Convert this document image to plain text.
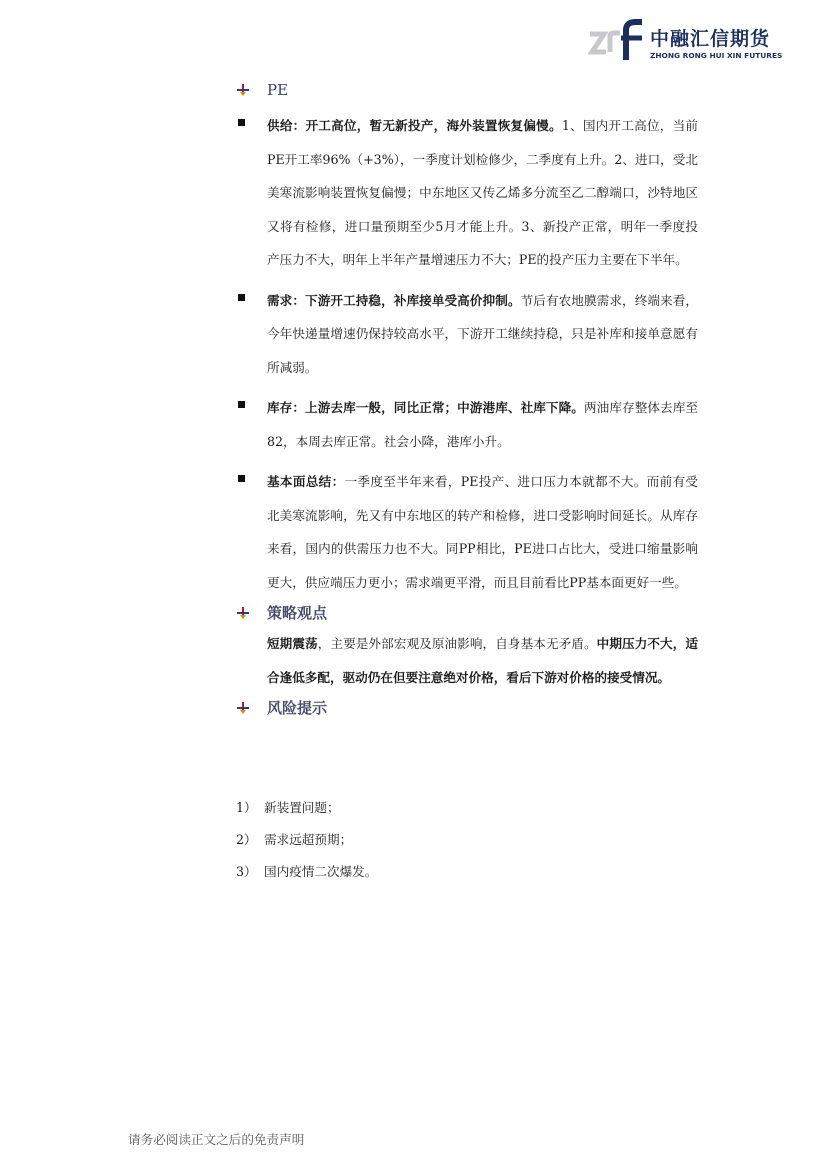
中融汇信期货
ZHONG RONG HUI XIN FUTURES
PE

供给：开工高位，暂无新投产，海外装置恢复偏慢。1、国内开工高位，当前PE开工率96%（+3%），一季度计划检修少，二季度有上升。2、进口，受北美寒流影响装置恢复偏慢；中东地区又传乙烯多分流至乙二醇端口，沙特地区又将有检修，进口量预期至少5月才能上升。3、新投产正常，明年一季度投产压力不大，明年上半年产量增速压力不大；PE的投产压力主要在下半年。

需求：下游开工持稳，补库接单受高价抑制。节后有农地膜需求，终端来看，今年快递量增速仍保持较高水平，下游开工继续持稳，只是补库和接单意愿有所减弱。

库存：上游去库一般，同比正常；中游港库、社库下降。两油库存整体去库至82，本周去库正常。社会小降，港库小升。

基本面总结：一季度至半年来看，PE投产、进口压力本就都不大。而前有受北美寒流影响，先又有中东地区的转产和检修，进口受影响时间延长。从库存来看，国内的供需压力也不大。同PP相比，PE进口占比大，受进口缩量影响更大，供应端压力更小；需求端更平滑，而且目前看比PP基本面更好一些。

策略观点

短期震荡，主要是外部宏观及原油影响，自身基本无矛盾。中期压力不大，适合逢低多配，驱动仍在但要注意绝对价格，看后下游对价格的接受情况。

风险提示
1） 新装置问题；
2） 需求远超预期；
3） 国内疫情二次爆发。
请务必阅读正文之后的免责声明
